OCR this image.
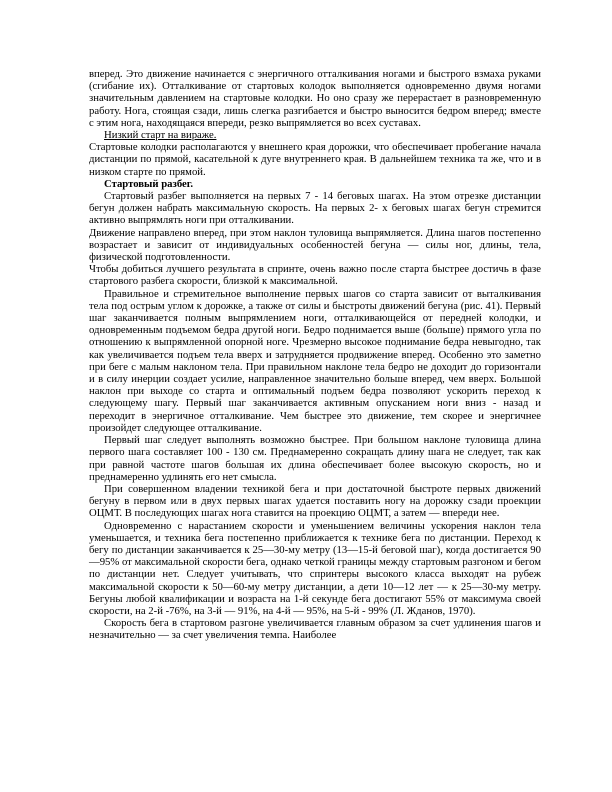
вперед. Это движение начинается с энергичного отталкивания ногами и быстрого взмаха руками (сгибание их). Отталкивание от стартовых колодок выполняется одновременно двумя ногами значительным давлением на стартовые колодки. Но оно сразу же перерастает в разновременную работу. Нога, стоящая сзади, лишь слегка разгибается и быстро выносится бедром вперед; вместе с этим нога, находящаяся впереди, резко выпрямляется во всех суставах.

Низкий старт на вираже.

Стартовые колодки располагаются у внешнего края дорожки, что обеспечивает пробегание начала дистанции по прямой, касательной к дуге внутреннего края. В дальнейшем техника та же, что и в низком старте по прямой.

Стартовый разбег.

Стартовый разбег выполняется на первых 7 - 14 беговых шагах. На этом отрезке дистанции бегун должен набрать максимальную скорость. На первых 2- х беговых шагах бегун стремится активно выпрямлять ноги при отталкивании.

Движение направлено вперед, при этом наклон туловища выпрямляется. Длина шагов постепенно возрастает и зависит от индивидуальных особенностей бегуна — силы ног, длины, тела, физической подготовленности.

Чтобы добиться лучшего результата в спринте, очень важно после старта быстрее достичь в фазе стартового разбега скорости, близкой к максимальной.

Правильное и стремительное выполнение первых шагов со старта зависит от выталкивания тела под острым углом к дорожке, а также от силы и быстроты движений бегуна (рис. 41). Первый шаг заканчивается полным выпрямлением ноги, отталкивающейся от передней колодки, и одновременным подъемом бедра другой ноги. Бедро поднимается выше (больше) прямого угла по отношению к выпрямленной опорной ноге. Чрезмерно высокое поднимание бедра невыгодно, так как увеличивается подъем тела вверх и затрудняется продвижение вперед. Особенно это заметно при беге с малым наклоном тела. При правильном наклоне тела бедро не доходит до горизонтали и в силу инерции создает усилие, направленное значительно больше вперед, чем вверх. Большой наклон при выходе со старта и оптимальный подъем бедра позволяют ускорить переход к следующему шагу. Первый шаг заканчивается активным опусканием ноги вниз - назад и переходит в энергичное отталкивание. Чем быстрее это движение, тем скорее и энергичнее произойдет следующее отталкивание.

Первый шаг следует выполнять возможно быстрее. При большом наклоне туловища длина первого шага составляет 100 - 130 см. Преднамеренно сокращать длину шага не следует, так как при равной частоте шагов большая их длина обеспечивает более высокую скорость, но и преднамеренно удлинять его нет смысла.

При совершенном владении техникой бега и при достаточной быстроте первых движений бегуну в первом или в двух первых шагах удается поставить ногу на дорожку сзади проекции ОЦМТ. В последующих шагах нога ставится на проекцию ОЦМТ, а затем — впереди нее.

Одновременно с нарастанием скорости и уменьшением величины ускорения наклон тела уменьшается, и техника бега постепенно приближается к технике бега по дистанции. Переход к бегу по дистанции заканчивается к 25—30-му метру (13—15-й беговой шаг), когда достигается 90—95% от максимальной скорости бега, однако четкой границы между стартовым разгоном и бегом по дистанции нет. Следует учитывать, что спринтеры высокого класса выходят на рубеж максимальной скорости к 50—60-му метру дистанции, а дети 10—12 лет — к 25—30-му метру. Бегуны любой квалификации и возраста на 1-й секунде бега достигают 55% от максимума своей скорости, на 2-й -76%, на 3-й — 91%, на 4-й — 95%, на 5-й - 99% (Л. Жданов, 1970).

Скорость бега в стартовом разгоне увеличивается главным образом за счет удлинения шагов и незначительно — за счет увеличения темпа. Наиболее
